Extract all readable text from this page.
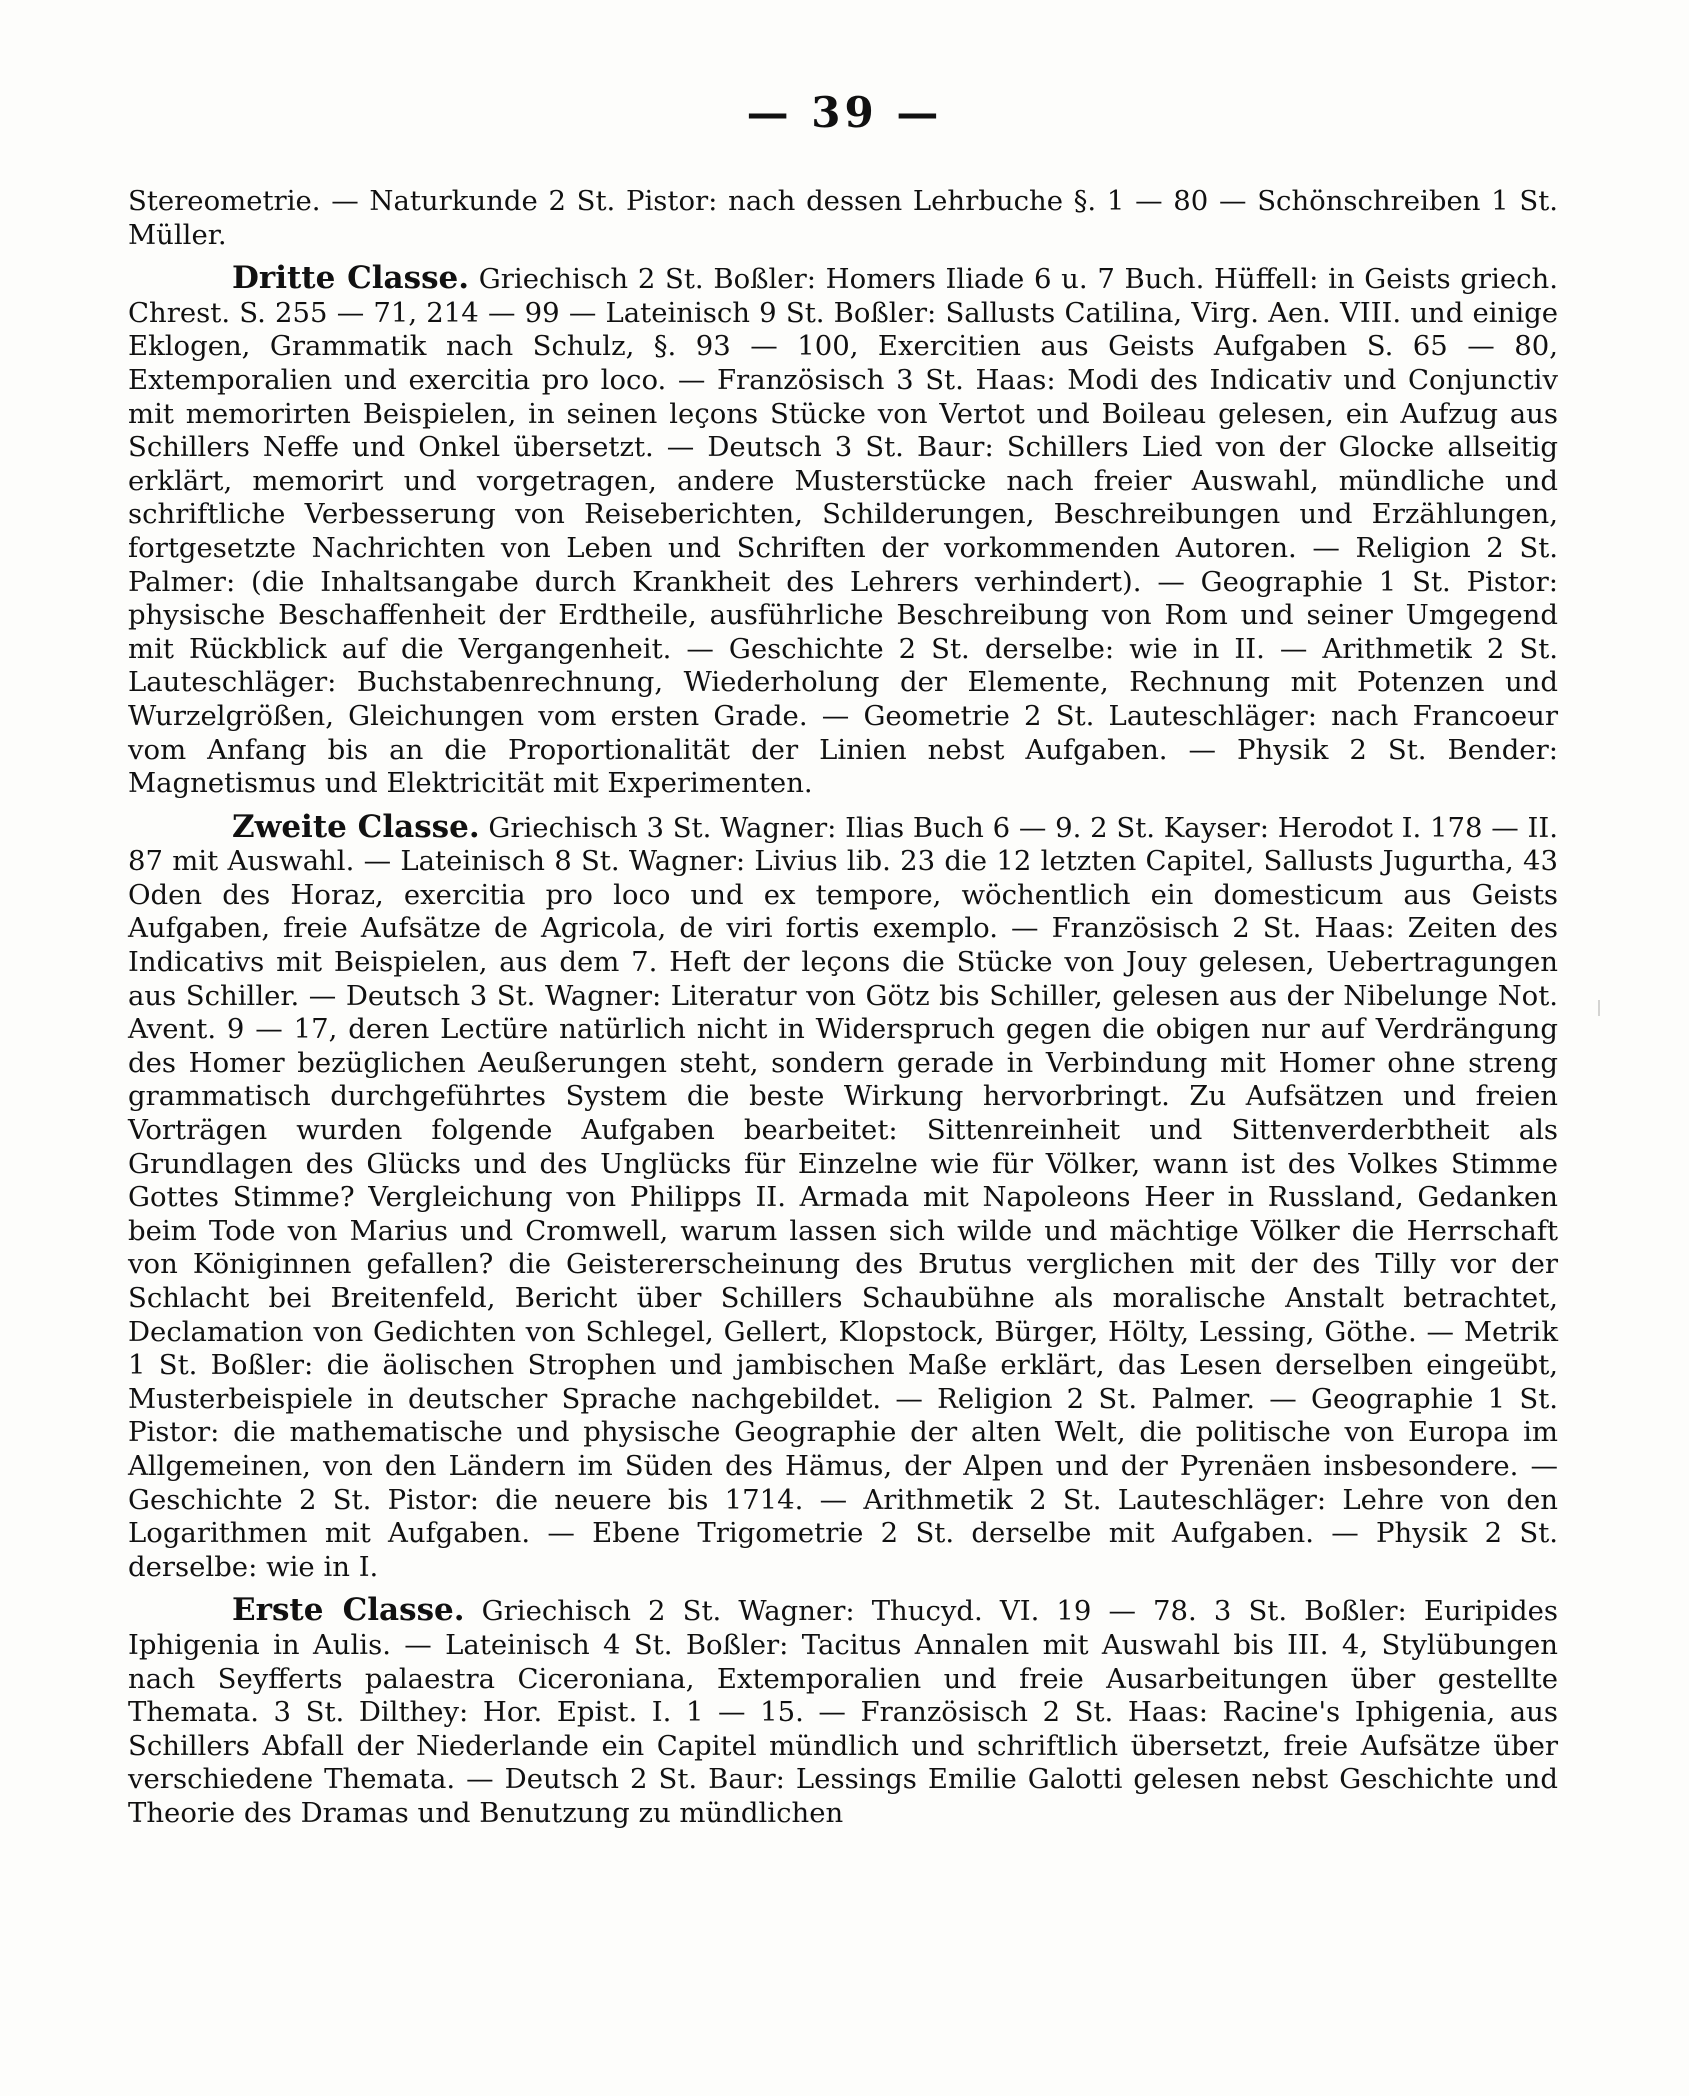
— 39 —

Stereometrie. — Naturkunde 2 St. Pistor: nach dessen Lehrbuche §. 1 — 80 — Schönschreiben 1 St. Müller.

Dritte Classe. Griechisch 2 St. Boßler: Homers Iliade 6 u. 7 Buch. Hüffell: in Geists griech. Chrest. S. 255 — 71, 214 — 99 — Lateinisch 9 St. Boßler: Sallusts Catilina, Virg. Aen. VIII. und einige Eklogen, Grammatik nach Schulz, §. 93 — 100, Exercitien aus Geists Aufgaben S. 65 — 80, Extemporalien und exercitia pro loco. — Französisch 3 St. Haas: Modi des Indicativ und Conjunctiv mit memorirten Beispielen, in seinen leçons Stücke von Vertot und Boileau gelesen, ein Aufzug aus Schillers Neffe und Onkel übersetzt. — Deutsch 3 St. Baur: Schillers Lied von der Glocke allseitig erklärt, memorirt und vorgetragen, andere Musterstücke nach freier Auswahl, mündliche und schriftliche Verbesserung von Reiseberichten, Schilderungen, Beschreibungen und Erzählungen, fortgesetzte Nachrichten von Leben und Schriften der vorkommenden Autoren. — Religion 2 St. Palmer: (die Inhaltsangabe durch Krankheit des Lehrers verhindert). — Geographie 1 St. Pistor: physische Beschaffenheit der Erdtheile, ausführliche Beschreibung von Rom und seiner Umgegend mit Rückblick auf die Vergangenheit. — Geschichte 2 St. derselbe: wie in II. — Arithmetik 2 St. Lauteschläger: Buchstabenrechnung, Wiederholung der Elemente, Rechnung mit Potenzen und Wurzelgrößen, Gleichungen vom ersten Grade. — Geometrie 2 St. Lauteschläger: nach Francoeur vom Anfang bis an die Proportionalität der Linien nebst Aufgaben. — Physik 2 St. Bender: Magnetismus und Elektricität mit Experimenten.

Zweite Classe. Griechisch 3 St. Wagner: Ilias Buch 6 — 9. 2 St. Kayser: Herodot I. 178 — II. 87 mit Auswahl. — Lateinisch 8 St. Wagner: Livius lib. 23 die 12 letzten Capitel, Sallusts Jugurtha, 43 Oden des Horaz, exercitia pro loco und ex tempore, wöchentlich ein domesticum aus Geists Aufgaben, freie Aufsätze de Agricola, de viri fortis exemplo. — Französisch 2 St. Haas: Zeiten des Indicativs mit Beispielen, aus dem 7. Heft der leçons die Stücke von Jouy gelesen, Uebertragungen aus Schiller. — Deutsch 3 St. Wagner: Literatur von Götz bis Schiller, gelesen aus der Nibelunge Not. Avent. 9 — 17, deren Lectüre natürlich nicht in Widerspruch gegen die obigen nur auf Verdrängung des Homer bezüglichen Aeußerungen steht, sondern gerade in Verbindung mit Homer ohne streng grammatisch durchgeführtes System die beste Wirkung hervorbringt. Zu Aufsätzen und freien Vorträgen wurden folgende Aufgaben bearbeitet: Sittenreinheit und Sittenverderbtheit als Grundlagen des Glücks und des Unglücks für Einzelne wie für Völker, wann ist des Volkes Stimme Gottes Stimme? Vergleichung von Philipps II. Armada mit Napoleons Heer in Russland, Gedanken beim Tode von Marius und Cromwell, warum lassen sich wilde und mächtige Völker die Herrschaft von Königinnen gefallen? die Geistererscheinung des Brutus verglichen mit der des Tilly vor der Schlacht bei Breitenfeld, Bericht über Schillers Schaubühne als moralische Anstalt betrachtet, Declamation von Gedichten von Schlegel, Gellert, Klopstock, Bürger, Hölty, Lessing, Göthe. — Metrik 1 St. Boßler: die äolischen Strophen und jambischen Maße erklärt, das Lesen derselben eingeübt, Musterbeispiele in deutscher Sprache nachgebildet. — Religion 2 St. Palmer. — Geographie 1 St. Pistor: die mathematische und physische Geographie der alten Welt, die politische von Europa im Allgemeinen, von den Ländern im Süden des Hämus, der Alpen und der Pyrenäen insbesondere. — Geschichte 2 St. Pistor: die neuere bis 1714. — Arithmetik 2 St. Lauteschläger: Lehre von den Logarithmen mit Aufgaben. — Ebene Trigometrie 2 St. derselbe mit Aufgaben. — Physik 2 St. derselbe: wie in I.

Erste Classe. Griechisch 2 St. Wagner: Thucyd. VI. 19 — 78. 3 St. Boßler: Euripides Iphigenia in Aulis. — Lateinisch 4 St. Boßler: Tacitus Annalen mit Auswahl bis III. 4, Stylübungen nach Seyfferts palaestra Ciceroniana, Extemporalien und freie Ausarbeitungen über gestellte Themata. 3 St. Dilthey: Hor. Epist. I. 1 — 15. — Französisch 2 St. Haas: Racine's Iphigenia, aus Schillers Abfall der Niederlande ein Capitel mündlich und schriftlich übersetzt, freie Aufsätze über verschiedene Themata. — Deutsch 2 St. Baur: Lessings Emilie Galotti gelesen nebst Geschichte und Theorie des Dramas und Benutzung zu mündlichen
